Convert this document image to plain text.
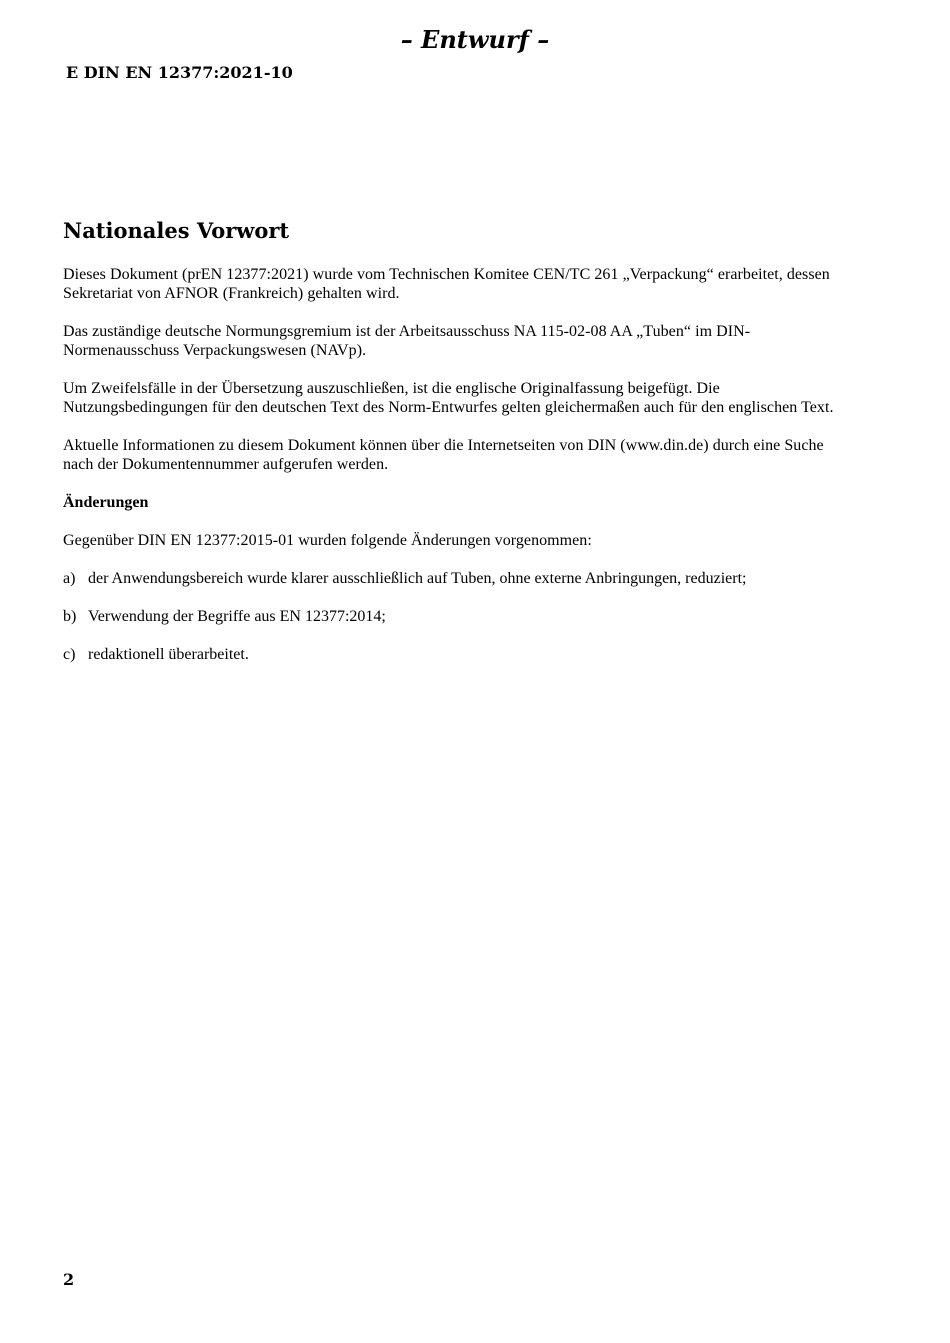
– Entwurf –
E DIN EN 12377:2021-10
Nationales Vorwort

Dieses Dokument (prEN 12377:2021) wurde vom Technischen Komitee CEN/TC 261 „Verpackung“ erarbeitet, dessen Sekretariat von AFNOR (Frankreich) gehalten wird.

Das zuständige deutsche Normungsgremium ist der Arbeitsausschuss NA 115-02-08 AA „Tuben“ im DIN-Normenausschuss Verpackungswesen (NAVp).

Um Zweifelsfälle in der Übersetzung auszuschließen, ist die englische Originalfassung beigefügt. Die Nutzungsbedingungen für den deutschen Text des Norm-Entwurfes gelten gleichermaßen auch für den englischen Text.

Aktuelle Informationen zu diesem Dokument können über die Internetseiten von DIN (www.din.de) durch eine Suche nach der Dokumentennummer aufgerufen werden.

Änderungen

Gegenüber DIN EN 12377:2015-01 wurden folgende Änderungen vorgenommen:

a) der Anwendungsbereich wurde klarer ausschließlich auf Tuben, ohne externe Anbringungen, reduziert;
b) Verwendung der Begriffe aus EN 12377:2014;
c) redaktionell überarbeitet.
2
